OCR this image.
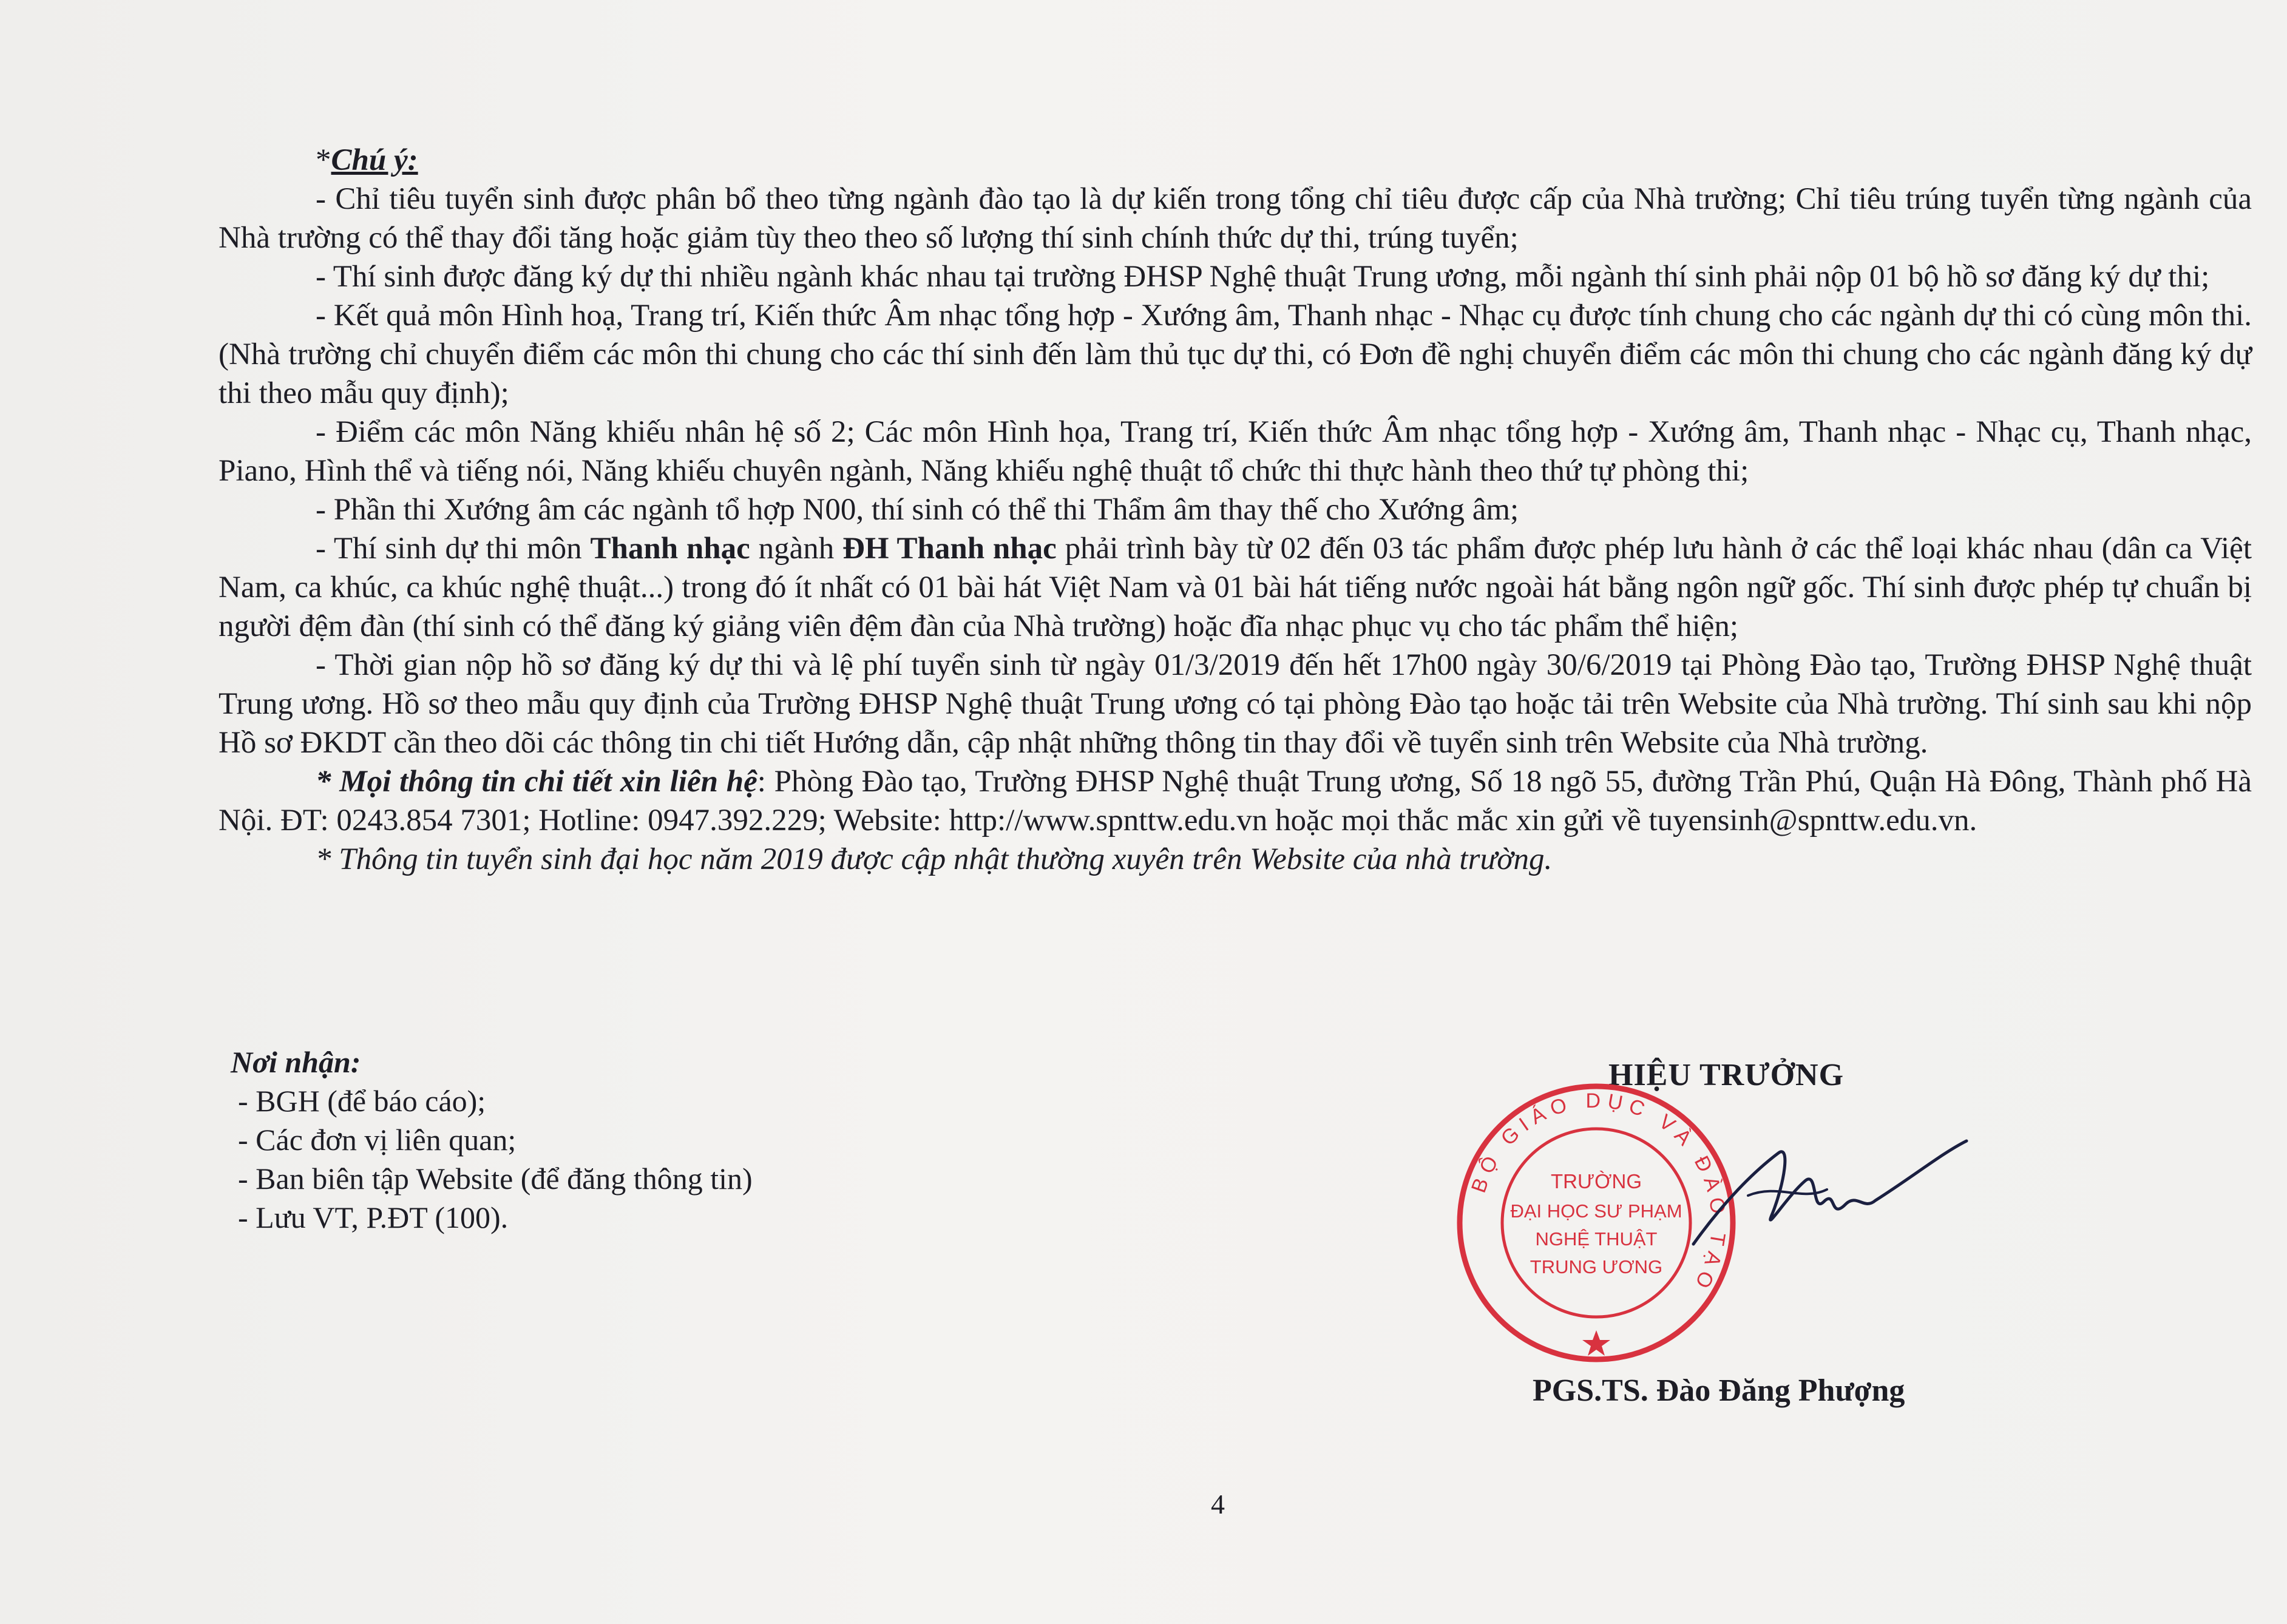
*Chú ý:

- Chỉ tiêu tuyển sinh được phân bổ theo từng ngành đào tạo là dự kiến trong tổng chỉ tiêu được cấp của Nhà trường; Chỉ tiêu trúng tuyển từng ngành của Nhà trường có thể thay đổi tăng hoặc giảm tùy theo theo số lượng thí sinh chính thức dự thi, trúng tuyển;

- Thí sinh được đăng ký dự thi nhiều ngành khác nhau tại trường ĐHSP Nghệ thuật Trung ương, mỗi ngành thí sinh phải nộp 01 bộ hồ sơ đăng ký dự thi;

- Kết quả môn Hình hoạ, Trang trí, Kiến thức Âm nhạc tổng hợp - Xướng âm, Thanh nhạc - Nhạc cụ được tính chung cho các ngành dự thi có cùng môn thi. (Nhà trường chỉ chuyển điểm các môn thi chung cho các thí sinh đến làm thủ tục dự thi, có Đơn đề nghị chuyển điểm các môn thi chung cho các ngành đăng ký dự thi theo mẫu quy định);

- Điểm các môn Năng khiếu nhân hệ số 2; Các môn Hình họa, Trang trí, Kiến thức Âm nhạc tổng hợp - Xướng âm, Thanh nhạc - Nhạc cụ, Thanh nhạc, Piano, Hình thể và tiếng nói, Năng khiếu chuyên ngành, Năng khiếu nghệ thuật tổ chức thi thực hành theo thứ tự phòng thi;

- Phần thi Xướng âm các ngành tổ hợp N00, thí sinh có thể thi Thẩm âm thay thế cho Xướng âm;

- Thí sinh dự thi môn Thanh nhạc ngành ĐH Thanh nhạc phải trình bày từ 02 đến 03 tác phẩm được phép lưu hành ở các thể loại khác nhau (dân ca Việt Nam, ca khúc, ca khúc nghệ thuật...) trong đó ít nhất có 01 bài hát Việt Nam và 01 bài hát tiếng nước ngoài hát bằng ngôn ngữ gốc. Thí sinh được phép tự chuẩn bị người đệm đàn (thí sinh có thể đăng ký giảng viên đệm đàn của Nhà trường) hoặc đĩa nhạc phục vụ cho tác phẩm thể hiện;

- Thời gian nộp hồ sơ đăng ký dự thi và lệ phí tuyển sinh từ ngày 01/3/2019 đến hết 17h00 ngày 30/6/2019 tại Phòng Đào tạo, Trường ĐHSP Nghệ thuật Trung ương. Hồ sơ theo mẫu quy định của Trường ĐHSP Nghệ thuật Trung ương có tại phòng Đào tạo hoặc tải trên Website của Nhà trường. Thí sinh sau khi nộp Hồ sơ ĐKDT cần theo dõi các thông tin chi tiết Hướng dẫn, cập nhật những thông tin thay đổi về tuyển sinh trên Website của Nhà trường.

* Mọi thông tin chi tiết xin liên hệ: Phòng Đào tạo, Trường ĐHSP Nghệ thuật Trung ương, Số 18 ngõ 55, đường Trần Phú, Quận Hà Đông, Thành phố Hà Nội. ĐT: 0243.854 7301; Hotline: 0947.392.229; Website: http://www.spnttw.edu.vn hoặc mọi thắc mắc xin gửi về tuyensinh@spnttw.edu.vn.

* Thông tin tuyển sinh đại học năm 2019 được cập nhật thường xuyên trên Website của nhà trường.

Nơi nhận:

- BGH (để báo cáo);

- Các đơn vị liên quan;

- Ban biên tập Website (để đăng thông tin)

- Lưu VT, P.ĐT (100).

HIỆU TRƯỞNG
BỘ GIÁO DỤC VÀ ĐÀO TẠO
TRƯỜNG
ĐẠI HỌC SƯ PHẠM
NGHỆ THUẬT
TRUNG ƯƠNG
PGS.TS. Đào Đăng Phượng
4
